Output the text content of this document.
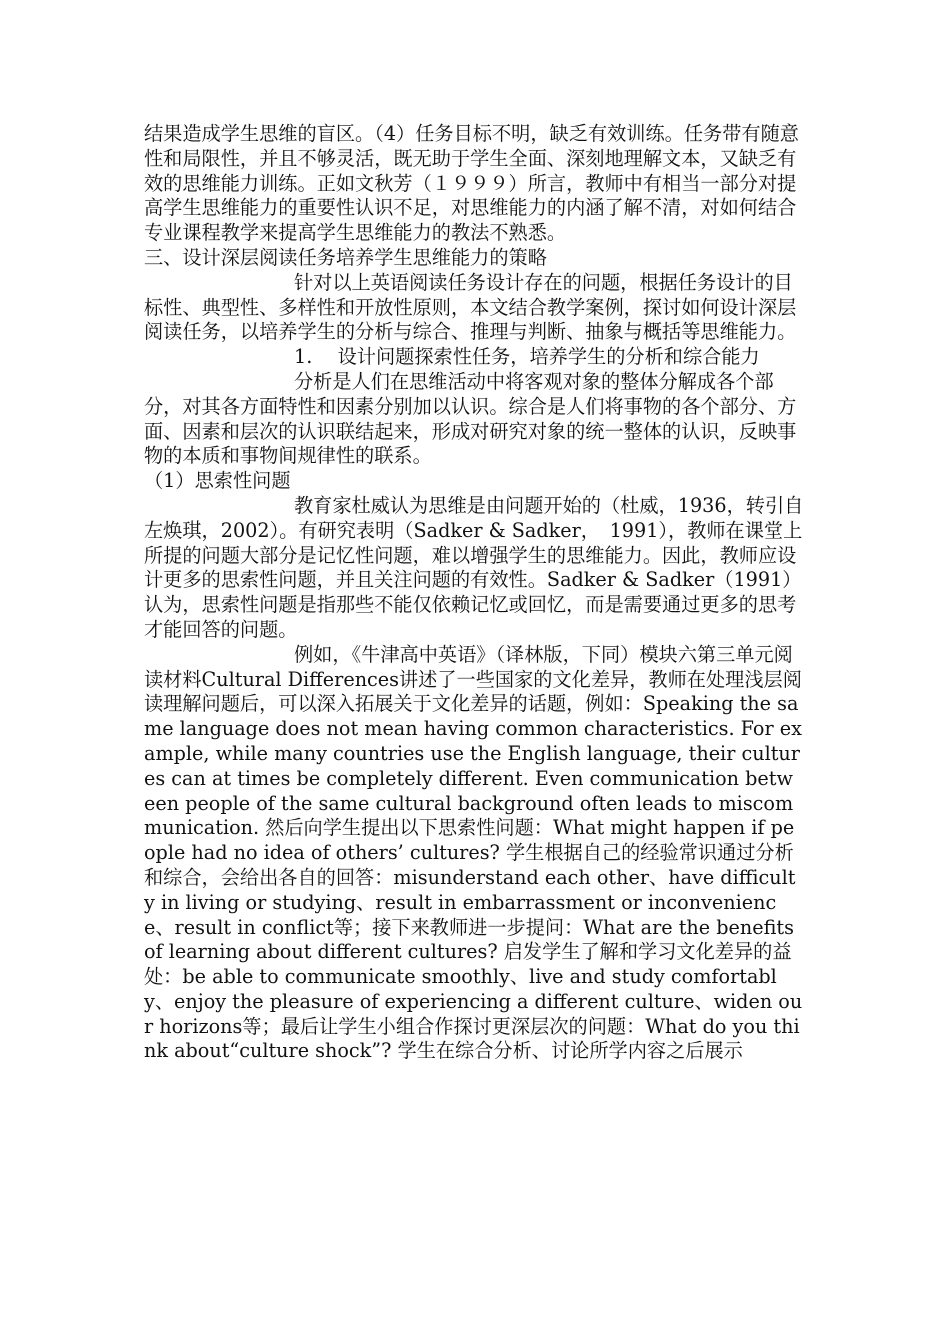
结果造成学生思维的盲区。（4）任务目标不明，缺乏有效训练。任务带有随意性和局限性，并且不够灵活，既无助于学生全面、深刻地理解文本，又缺乏有效的思维能力训练。正如文秋芳（１９９９）所言，教师中有相当一部分对提高学生思维能力的重要性认识不足，对思维能力的内涵了解不清，对如何结合专业课程教学来提高学生思维能力的教法不熟悉。

三、设计深层阅读任务培养学生思维能力的策略

针对以上英语阅读任务设计存在的问题，根据任务设计的目标性、典型性、多样性和开放性原则，本文结合教学案例，探讨如何设计深层阅读任务，以培养学生的分析与综合、推理与判断、抽象与概括等思维能力。

1.　 设计问题探索性任务，培养学生的分析和综合能力

分析是人们在思维活动中将客观对象的整体分解成各个部分，对其各方面特性和因素分别加以认识。综合是人们将事物的各个部分、方面、因素和层次的认识联结起来，形成对研究对象的统一整体的认识，反映事物的本质和事物间规律性的联系。

（1）思索性问题

教育家杜威认为思维是由问题开始的（杜威，1936，转引自左焕琪，2002）。有研究表明（Sadker & Sadker，　1991），教师在课堂上所提的问题大部分是记忆性问题，难以增强学生的思维能力。因此，教师应设计更多的思索性问题，并且关注问题的有效性。Sadker & Sadker（1991）认为，思索性问题是指那些不能仅依赖记忆或回忆，而是需要通过更多的思考才能回答的问题。

例如，《牛津高中英语》（译林版，下同）模块六第三单元阅读材料Cultural Differences讲述了一些国家的文化差异，教师在处理浅层阅读理解问题后，可以深入拓展关于文化差异的话题，例如：Speaking the same language does not mean having common characteristics. For example, while many countries use the English language, their cultures can at times be completely different. Even communication between people of the same cultural background often leads to miscommunication. 然后向学生提出以下思索性问题：What might happen if people had no idea of others’ cultures? 学生根据自己的经验常识通过分析和综合，会给出各自的回答：misunderstand each other、have difficulty in living or studying、result in embarrassment or inconvenience、result in conflict等；接下来教师进一步提问：What are the benefits of learning about different cultures? 启发学生了解和学习文化差异的益处：be able to communicate smoothly、live and study comfortably、enjoy the pleasure of experiencing a different culture、widen our horizons等；最后让学生小组合作探讨更深层次的问题：What do you think about“culture shock”? 学生在综合分析、讨论所学内容之后展示
